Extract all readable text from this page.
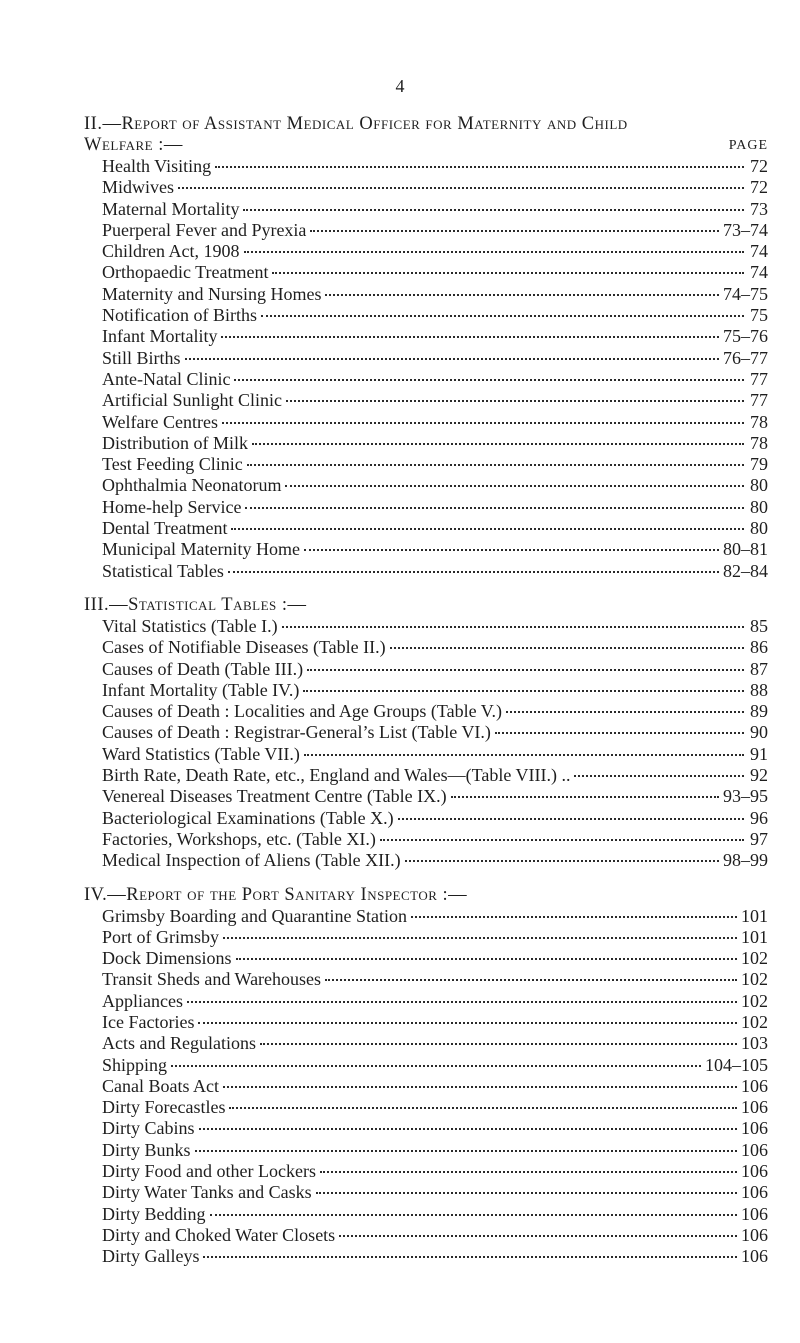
4
II.—Report of Assistant Medical Officer for Maternity and Child
Welfare :—	PAGE
Health Visiting	72
Midwives	72
Maternal Mortality	73
Puerperal Fever and Pyrexia	73–74
Children Act, 1908	74
Orthopaedic Treatment	74
Maternity and Nursing Homes	74–75
Notification of Births	75
Infant Mortality	75–76
Still Births	76–77
Ante-Natal Clinic	77
Artificial Sunlight Clinic	77
Welfare Centres	78
Distribution of Milk	78
Test Feeding Clinic	79
Ophthalmia Neonatorum	80
Home-help Service	80
Dental Treatment	80
Municipal Maternity Home	80–81
Statistical Tables	82–84
III.—Statistical Tables :—
Vital Statistics (Table I.)	85
Cases of Notifiable Diseases (Table II.)	86
Causes of Death (Table III.)	87
Infant Mortality (Table IV.)	88
Causes of Death : Localities and Age Groups (Table V.)	89
Causes of Death : Registrar-General’s List (Table VI.)	90
Ward Statistics (Table VII.)	91
Birth Rate, Death Rate, etc., England and Wales—(Table VIII.) ..	92
Venereal Diseases Treatment Centre (Table IX.)	93–95
Bacteriological Examinations (Table X.)	96
Factories, Workshops, etc. (Table XI.)	97
Medical Inspection of Aliens (Table XII.)	98–99
IV.—Report of the Port Sanitary Inspector :—
Grimsby Boarding and Quarantine Station	101
Port of Grimsby	101
Dock Dimensions	102
Transit Sheds and Warehouses	102
Appliances	102
Ice Factories	102
Acts and Regulations	103
Shipping	104–105
Canal Boats Act	106
Dirty Forecastles	106
Dirty Cabins	106
Dirty Bunks	106
Dirty Food and other Lockers	106
Dirty Water Tanks and Casks	106
Dirty Bedding	106
Dirty and Choked Water Closets	106
Dirty Galleys	106
